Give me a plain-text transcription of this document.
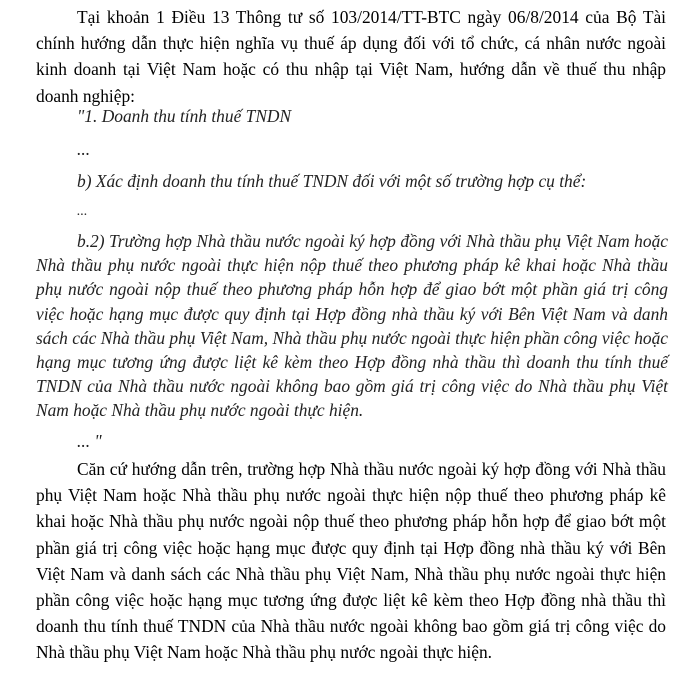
Tại khoản 1 Điều 13 Thông tư số 103/2014/TT-BTC ngày 06/8/2014 của Bộ Tài chính hướng dẫn thực hiện nghĩa vụ thuế áp dụng đối với tổ chức, cá nhân nước ngoài kinh doanh tại Việt Nam hoặc có thu nhập tại Việt Nam, hướng dẫn về thuế thu nhập doanh nghiệp:

"1. Doanh thu tính thuế TNDN

...

b) Xác định doanh thu tính thuế TNDN đối với một số trường hợp cụ thể:

...

b.2) Trường hợp Nhà thầu nước ngoài ký hợp đồng với Nhà thầu phụ Việt Nam hoặc Nhà thầu phụ nước ngoài thực hiện nộp thuế theo phương pháp kê khai hoặc Nhà thầu phụ nước ngoài nộp thuế theo phương pháp hỗn hợp để giao bớt một phần giá trị công việc hoặc hạng mục được quy định tại Hợp đồng nhà thầu ký với Bên Việt Nam và danh sách các Nhà thầu phụ Việt Nam, Nhà thầu phụ nước ngoài thực hiện phần công việc hoặc hạng mục tương ứng được liệt kê kèm theo Hợp đồng nhà thầu thì doanh thu tính thuế TNDN của Nhà thầu nước ngoài không bao gồm giá trị công việc do Nhà thầu phụ Việt Nam hoặc Nhà thầu phụ nước ngoài thực hiện.

Căn cứ hướng dẫn trên, trường hợp Nhà thầu nước ngoài ký hợp đồng với Nhà thầu phụ Việt Nam hoặc Nhà thầu phụ nước ngoài thực hiện nộp thuế theo phương pháp kê khai hoặc Nhà thầu phụ nước ngoài nộp thuế theo phương pháp hỗn hợp để giao bớt một phần giá trị công việc hoặc hạng mục được quy định tại Hợp đồng nhà thầu ký với Bên Việt Nam và danh sách các Nhà thầu phụ Việt Nam, Nhà thầu phụ nước ngoài thực hiện phần công việc hoặc hạng mục tương ứng được liệt kê kèm theo Hợp đồng nhà thầu thì doanh thu tính thuế TNDN của Nhà thầu nước ngoài không bao gồm giá trị công việc do Nhà thầu phụ Việt Nam hoặc Nhà thầu phụ nước ngoài thực hiện.

... "
